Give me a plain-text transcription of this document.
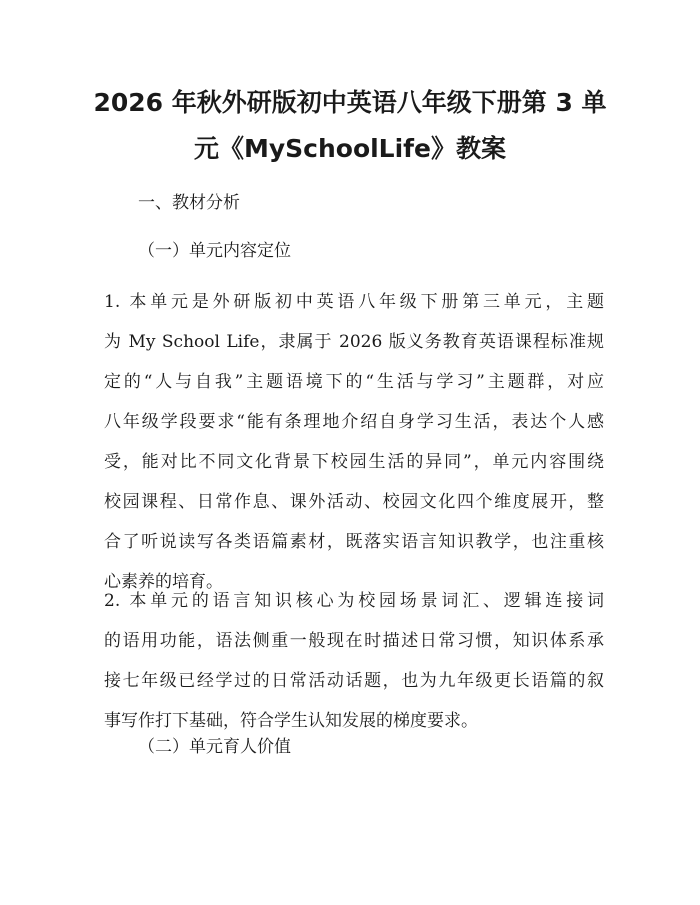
2026 年秋外研版初中英语八年级下册第 3 单
元《MySchoolLife》教案

一、教材分析

（一）单元内容定位

1. 本单元是外研版初中英语八年级下册第三单元，主题
为 My School Life，隶属于 2026 版义务教育英语课程标准规
定的“人与自我”主题语境下的“生活与学习”主题群，对应
八年级学段要求“能有条理地介绍自身学习生活，表达个人感
受，能对比不同文化背景下校园生活的异同”，单元内容围绕
校园课程、日常作息、课外活动、校园文化四个维度展开，整
合了听说读写各类语篇素材，既落实语言知识教学，也注重核
心素养的培育。
2. 本单元的语言知识核心为校园场景词汇、逻辑连接词
的语用功能，语法侧重一般现在时描述日常习惯，知识体系承
接七年级已经学过的日常活动话题，也为九年级更长语篇的叙
事写作打下基础，符合学生认知发展的梯度要求。

（二）单元育人价值
